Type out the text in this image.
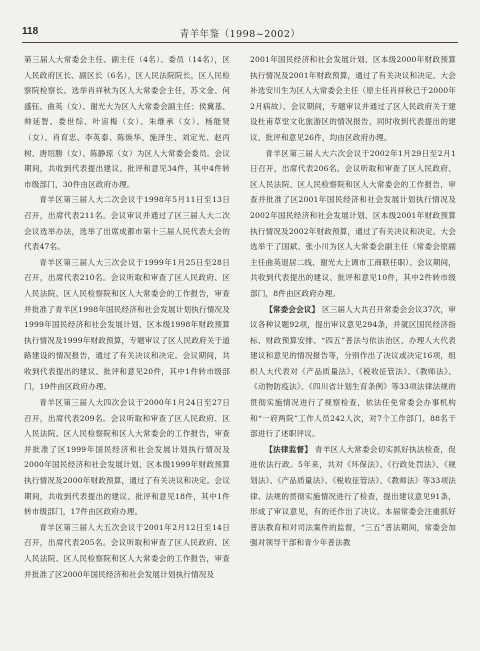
118	青羊年鉴（1998~2002）

第三届人大常委会主任、副主任（4名）、委员（14名），区人民政府区长、副区长（6名），区人民法院院长，区人民检察院检察长。选举肖祥秋为区人大常委会主任，苏文金、何盛钰、曲英（女）、谢光大为区人大常委会副主任；侯冀基、帅延智、娄世综、叶宙梅（女）、朱继承（女）、杨能贤（女）、肖育忠、李英泰、陈焕华、施泽生、刘定光、赵丙树、唐绍勝（女）、陈静琼（女）为区人大常委会委员。会议期间，共收到代表提出建议、批评和意见34件，其中4件转市级部门，30件由区政府办理。

青羊区第三届人大二次会议于1998年5月11日至13日召开，出席代表211名。会议审议并通过了区三届人大二次会议选举办法，选举了出席成都市第十三届人民代表大会的代表47名。

青羊区第三届人大三次会议于1999年1月25日至28日召开，出席代表210名。会议听取和审查了区人民政府、区人民法院、区人民检察院和区人大常委会的工作报告，审查并批准了青羊区1998年国民经济和社会发展计划执行情况及1999年国民经济和社会发展计划、区本级1998年财政预算执行情况及1999年财政预算，专题审议了区人民政府关于道路建设的情况报告，通过了有关决议和决定。会议期间，共收到代表提出的建议、批评和意见20件，其中1件转市级部门，19件由区政府办理。

青羊区第三届人大四次会议于2000年1月24日至27日召开，出席代表209名。会议听取和审查了区人民政府、区人民法院、区人民检察院和区人大常委会的工作报告，审查并批准了区1999年国民经济和社会发展计划执行情况及2000年国民经济和社会发展计划、区本级1999年财政预算执行情况及2000年财政预算，通过了有关决议和决定。会议期间，共收到代表提出的建议、批评和意见18件，其中1件转市级部门，17件由区政府办理。

青羊区第三届人大五次会议于2001年2月12日至14日召开，出席代表205名。会议听取和审查了区人民政府、区人民法院、区人民检察院和区人大常委会的工作报告，审查并批准了区2000年国民经济和社会发展计划执行情况及

2001年国民经济和社会发展计划、区本级2000年财政预算执行情况及2001年财政预算，通过了有关决议和决定。大会补选安川生为区人大常委会主任（原主任肖祥秋已于2000年2月病故）。会议期间，专题审议并通过了区人民政府关于建设杜甫草堂文化旅游区的情况报告，同时收到代表提出的建议、批评和意见26件，均由区政府办理。

青羊区第三届人大六次会议于2002年1月29日至2月1日召开，出席代表206名。会议听取和审查了区人民政府、区人民法院、区人民检察院和区人大常委会的工作报告，审查并批准了区2001年国民经济和社会发展计划执行情况及2002年国民经济和社会发展计划、区本级2001年财政预算执行情况及2002年财政预算，通过了有关决议和决定。大会选举于了国斌、张小川为区人大常委会副主任（常委会原副主任曲英退居二线、谢光大上调市工商联任职）。会议期间，共收到代表提出的建议、批评和意见10件，其中2件转市级部门，8件由区政府办理。

【常委会会议】 区三届人大共召开常委会会议37次，审议各种议题92项，提出审议意见294条，并就区国民经济指标、财政预算安排、“四五”普法与依法治区、办理人大代表建议和意见的情况报告等，分别作出了决议或决定16项，组织人大代表对《产品质量法》、《税收征管法》、《教师法》、《动物防疫法》、《四川省计划生育条例》等33项法律法规的贯彻实施情况进行了视察检查，依法任免常委会办事机构和“一府两院”工作人员242人次，对7个工作部门、88名干部进行了述职评议。

【法律监督】 青羊区人大常委会切实抓好执法检查，促进依法行政。5年来，共对《环保法》、《行政处罚法》、《规划法》、《产品质量法》、《税收征管法》、《教师法》等33项法律、法规的贯彻实施情况进行了检查，提出建议意见91条，形成了审议意见，有的还作出了决议。本届常委会注重抓好普法教育和对司法案件的监督，“三五”普法期间，常委会加强对领导干部和青少年普法教
